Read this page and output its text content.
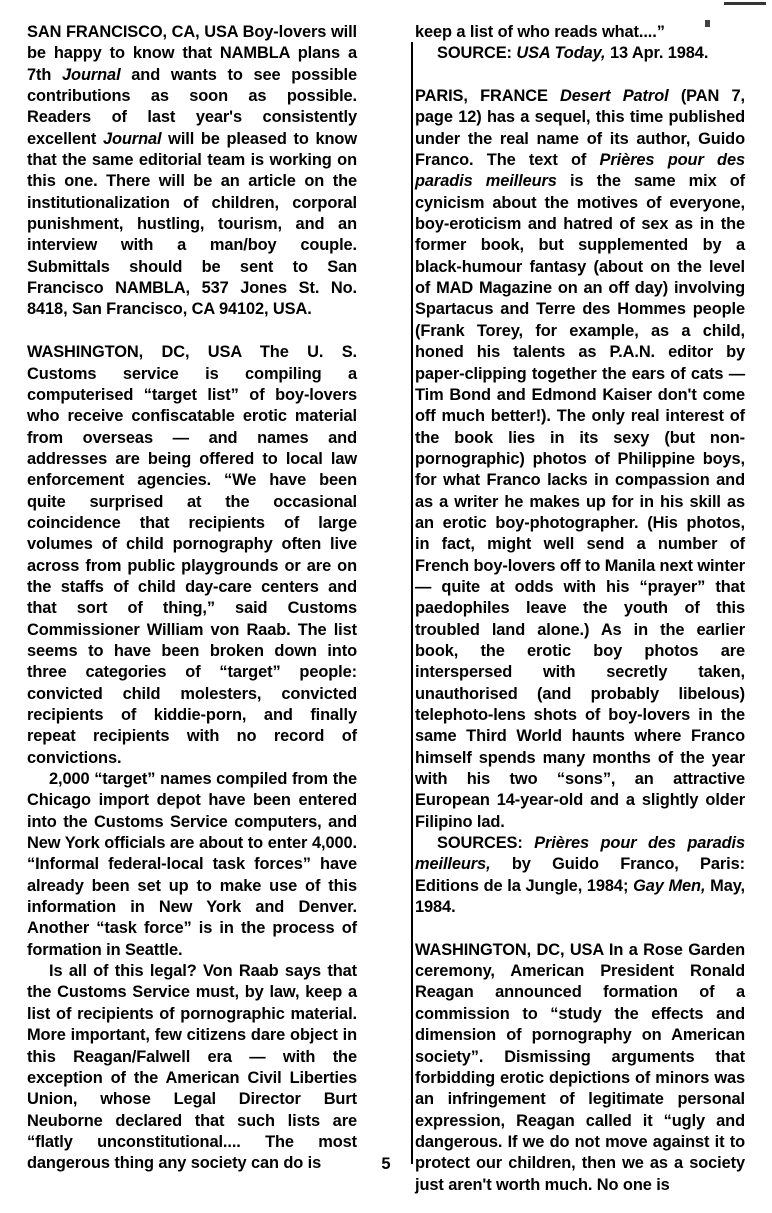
SAN FRANCISCO, CA, USA Boy-lovers will be happy to know that NAMBLA plans a 7th Journal and wants to see possible contributions as soon as possible. Readers of last year's consistently excellent Journal will be pleased to know that the same editorial team is working on this one. There will be an article on the institutionalization of children, corporal punishment, hustling, tourism, and an interview with a man/boy couple. Submittals should be sent to San Francisco NAMBLA, 537 Jones St. No. 8418, San Francisco, CA 94102, USA.

WASHINGTON, DC, USA The U. S. Customs service is compiling a computerised “target list” of boy-lovers who receive confiscatable erotic material from overseas — and names and addresses are being offered to local law enforcement agencies. “We have been quite surprised at the occasional coincidence that recipients of large volumes of child pornography often live across from public playgrounds or are on the staffs of child day-care centers and that sort of thing,” said Customs Commissioner William von Raab. The list seems to have been broken down into three categories of “target” people: convicted child molesters, convicted recipients of kiddie-porn, and finally repeat recipients with no record of convictions.

2,000 “target” names compiled from the Chicago import depot have been entered into the Customs Service computers, and New York officials are about to enter 4,000. “Informal federal-local task forces” have already been set up to make use of this information in New York and Denver. Another “task force” is in the process of formation in Seattle.

Is all of this legal? Von Raab says that the Customs Service must, by law, keep a list of recipients of pornographic material. More important, few citizens dare object in this Reagan/Falwell era — with the exception of the American Civil Liberties Union, whose Legal Director Burt Neuborne declared that such lists are “flatly unconstitutional.... The most dangerous thing any society can do is

keep a list of who reads what....”

SOURCE: USA Today, 13 Apr. 1984.

PARIS, FRANCE Desert Patrol (PAN 7, page 12) has a sequel, this time published under the real name of its author, Guido Franco. The text of Prières pour des paradis meilleurs is the same mix of cynicism about the motives of everyone, boy-eroticism and hatred of sex as in the former book, but supplemented by a black-humour fantasy (about on the level of MAD Magazine on an off day) involving Spartacus and Terre des Hommes people (Frank Torey, for example, as a child, honed his talents as P.A.N. editor by paper-clipping together the ears of cats — Tim Bond and Edmond Kaiser don't come off much better!). The only real interest of the book lies in its sexy (but non-pornographic) photos of Philippine boys, for what Franco lacks in compassion and as a writer he makes up for in his skill as an erotic boy-photographer. (His photos, in fact, might well send a number of French boy-lovers off to Manila next winter — quite at odds with his “prayer” that paedophiles leave the youth of this troubled land alone.) As in the earlier book, the erotic boy photos are interspersed with secretly taken, unauthorised (and probably libelous) telephoto-lens shots of boy-lovers in the same Third World haunts where Franco himself spends many months of the year with his two “sons”, an attractive European 14-year-old and a slightly older Filipino lad.

SOURCES: Prières pour des paradis meilleurs, by Guido Franco, Paris: Editions de la Jungle, 1984; Gay Men, May, 1984.

WASHINGTON, DC, USA In a Rose Garden ceremony, American President Ronald Reagan announced formation of a commission to “study the effects and dimension of pornography on American society”. Dismissing arguments that forbidding erotic depictions of minors was an infringement of legitimate personal expression, Reagan called it “ugly and dangerous. If we do not move against it to protect our children, then we as a society just aren't worth much. No one is

5
